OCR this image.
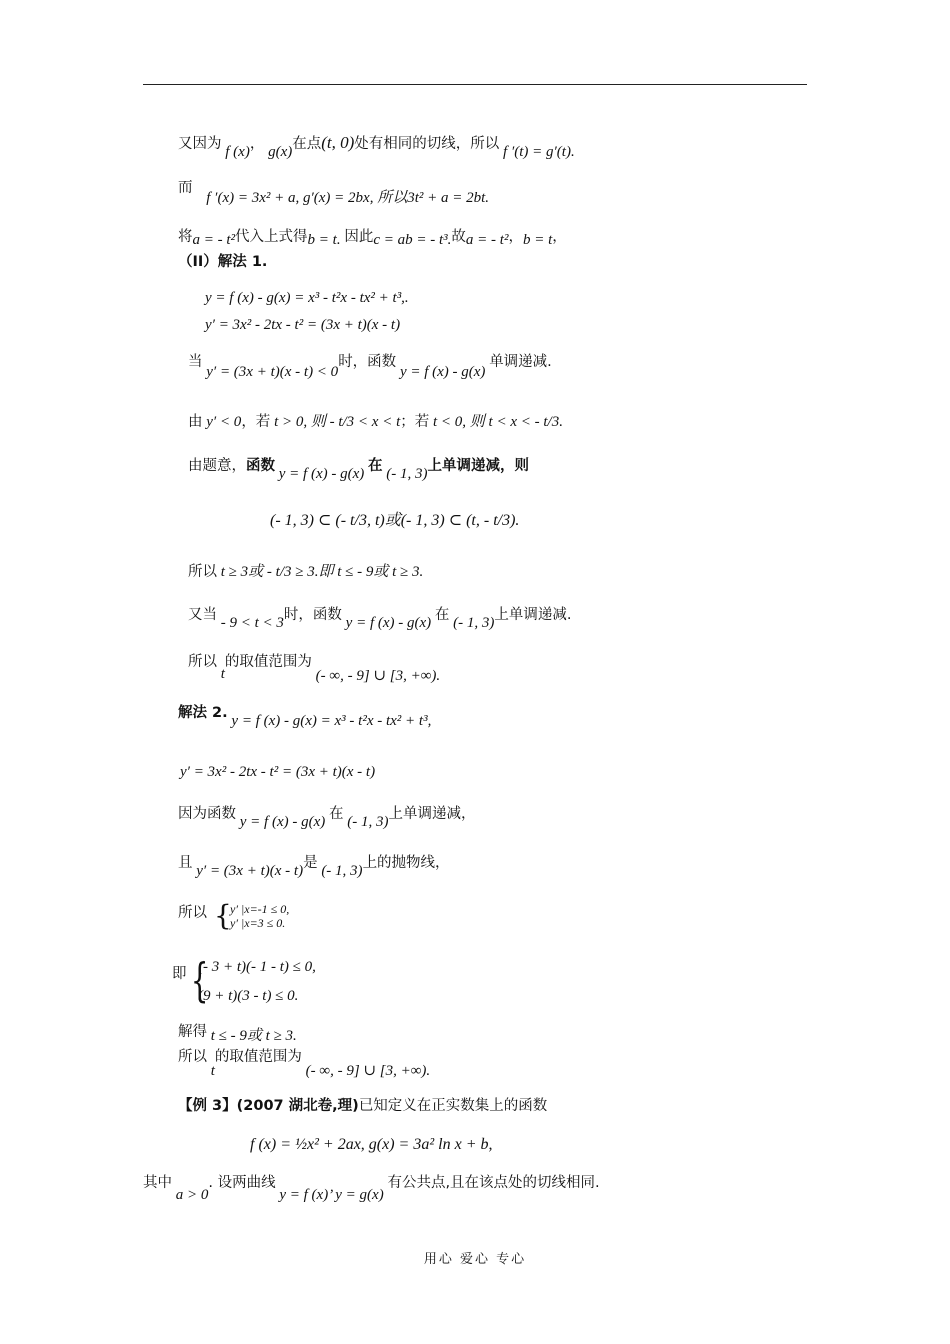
又因为 f (x)， g(x)在点(t, 0)处有相同的切线，所以 f ′(t) = g′(t).
而 f ′(x) = 3x² + a, g′(x) = 2bx, 所以3t² + a = 2bt.
将a = - t²代入上式得b = t. 因此c = ab = - t³.故a = - t²，b = t，
（II）解法 1.
y = f (x) - g(x) = x³ - t²x - tx² + t³,.
y′ = 3x² - 2tx - t² = (3x + t)(x - t)
当 y′ = (3x + t)(x - t) < 0时，函数 y = f (x) - g(x) 单调递减.
由 y′ < 0，若 t > 0, 则 - t/3 < x < t；若 t < 0, 则 t < x < - t/3.
由题意，函数 y = f (x) - g(x) 在 (- 1, 3)上单调递减，则
(- 1, 3) ⊂ (- t/3, t)或(- 1, 3) ⊂ (t, - t/3).
所以 t ≥ 3或 - t/3 ≥ 3.即 t ≤ - 9或 t ≥ 3.
又当 - 9 < t < 3时，函数 y = f (x) - g(x) 在 (- 1, 3)上单调递减.
所以 t的取值范围为 (- ∞, - 9] ∪ [3, +∞).
解法 2. y = f (x) - g(x) = x³ - t²x - tx² + t³,
y′ = 3x² - 2tx - t² = (3x + t)(x - t)
因为函数 y = f (x) - g(x) 在 (- 1, 3)上单调递减，
且 y′ = (3x + t)(x - t)是 (- 1, 3)上的抛物线，
所以 {
y′ |x=-1 ≤ 0,
y′ |x=3 ≤ 0.
即 {
(- 3 + t)(- 1 - t) ≤ 0,
(9 + t)(3 - t) ≤ 0.
解得 t ≤ - 9或 t ≥ 3.
所以 t的取值范围为 (- ∞, - 9] ∪ [3, +∞).
【例 3】(2007 湖北卷,理)已知定义在正实数集上的函数
f (x) = ½x² + 2ax, g(x) = 3a² ln x + b,
其中 a > 0. 设两曲线 y = f (x)’ y = g(x) 有公共点,且在该点处的切线相同.
用心 爱心 专心
